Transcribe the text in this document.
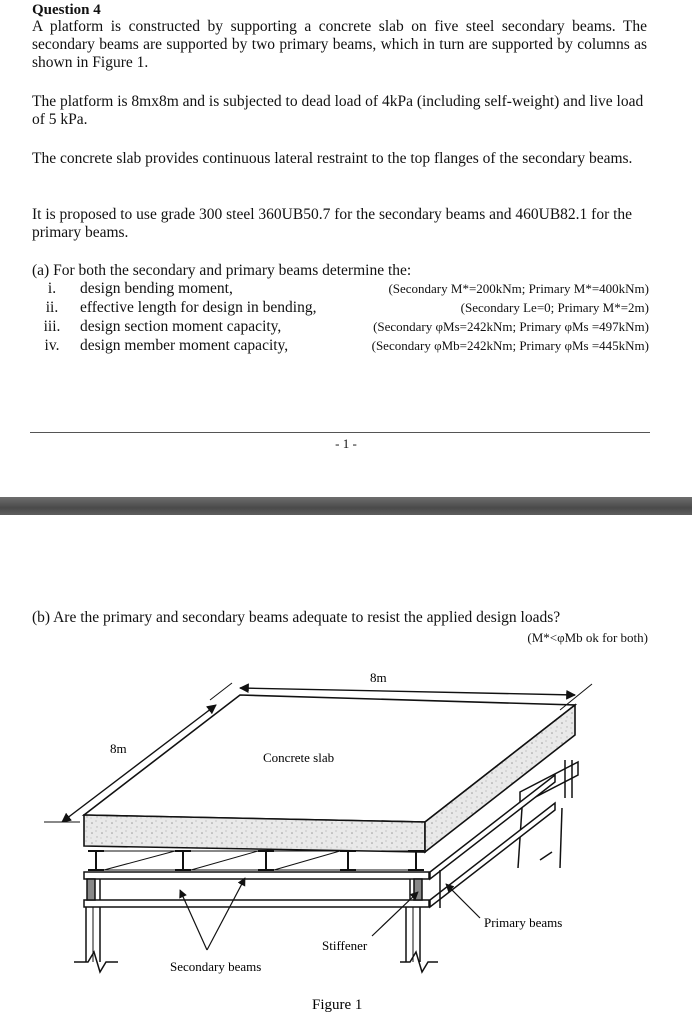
Question 4
A platform is constructed by supporting a concrete slab on five steel secondary beams. The secondary beams are supported by two primary beams, which in turn are supported by columns as shown in Figure 1.
The platform is 8mx8m and is subjected to dead load of 4kPa (including self-weight) and live load of 5 kPa.
The concrete slab provides continuous lateral restraint to the top flanges of the secondary beams.
It is proposed to use grade 300 steel 360UB50.7 for the secondary beams and 460UB82.1 for the primary beams.
(a) For both the secondary and primary beams determine the:
i.	design bending moment,	(Secondary M*=200kNm; Primary M*=400kNm)
ii.	effective length for design in bending,	(Secondary Le=0; Primary M*=2m)
iii.	design section moment capacity,	(Secondary φMs=242kNm; Primary φMs =497kNm)
iv.	design member moment capacity,	(Secondary φMb=242kNm; Primary φMs =445kNm)
- 1 -
(b) Are the primary and secondary beams adequate to resist the applied design loads?
(M*<φMb ok for both)
8m
8m
Concrete slab
Primary beams
Stiffener
Secondary beams
Figure 1
